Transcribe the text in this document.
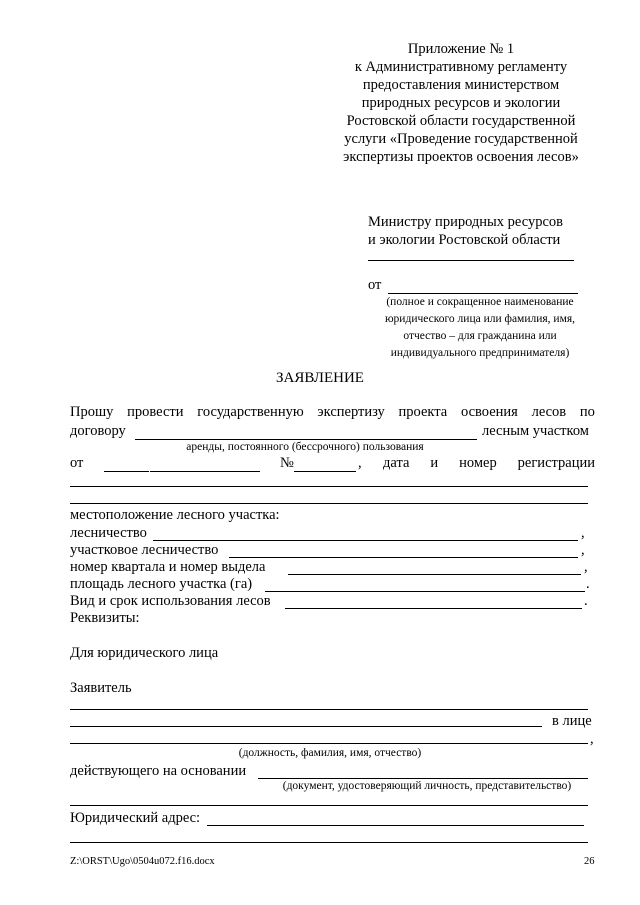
Приложение № 1
к Административному регламенту
предоставления министерством
природных ресурсов и экологии
Ростовской области государственной
услуги «Проведение государственной
экспертизы проектов освоения лесов»
Министру природных ресурсов
и экологии Ростовской области
от
(полное и сокращенное наименование
юридического лица или фамилия, имя,
отчество – для гражданина или
индивидуального предпринимателя)
ЗАЯВЛЕНИЕ
Прошу провести государственную экспертизу проекта освоения лесов по
договору	лесным участком
аренды, постоянного (бессрочного) пользования
от	№	, дата и номер регистрации
местоположение лесного участка:
лесничество	,
участковое лесничество	,
номер квартала и номер выдела	,
площадь лесного участка (га)	.
Вид и срок использования лесов	.
Реквизиты:
Для юридического лица
Заявитель
в лице
,
(должность, фамилия, имя, отчество)
действующего на основании
(документ, удостоверяющий личность, представительство)
Юридический адрес:
Z:\ORST\Ugo\0504u072.f16.docx	26
